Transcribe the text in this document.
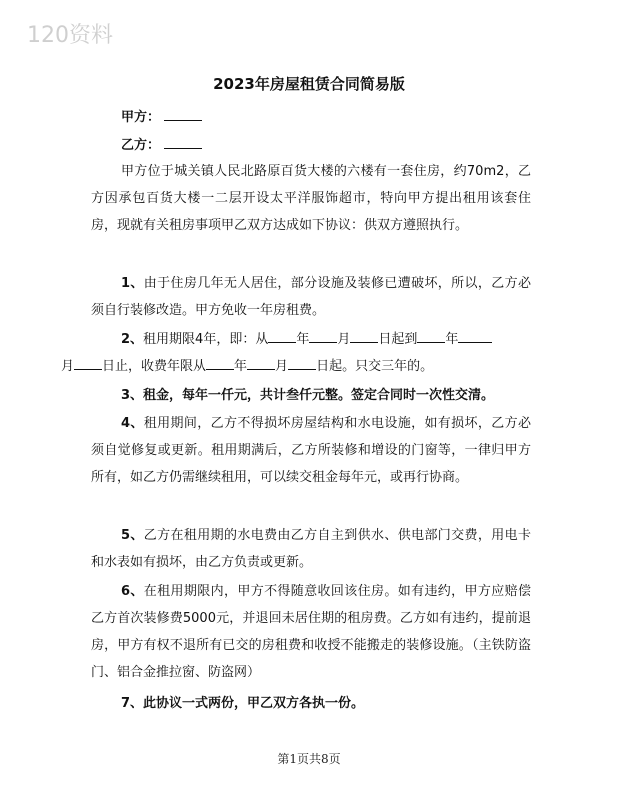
120资料
2023年房屋租赁合同简易版
甲方：
乙方：

甲方位于城关镇人民北路原百货大楼的六楼有一套住房，约70m2，乙方因承包百货大楼一二层开设太平洋服饰超市，特向甲方提出租用该套住房，现就有关租房事项甲乙双方达成如下协议：供双方遵照执行。

1、由于住房几年无人居住，部分设施及装修已遭破坏，所以，乙方必须自行装修改造。甲方免收一年房租费。

2、租用期限4年，即：从 年 月 日起到 年
月 日止，收费年限从 年 月 日起。只交三年的。

3、租金，每年一仟元，共计叁仟元整。签定合同时一次性交清。

4、租用期间，乙方不得损坏房屋结构和水电设施，如有损坏，乙方必须自觉修复或更新。租用期满后，乙方所装修和增设的门窗等，一律归甲方所有，如乙方仍需继续租用，可以续交租金每年元，或再行协商。

5、乙方在租用期的水电费由乙方自主到供水、供电部门交费，用电卡和水表如有损坏，由乙方负责或更新。

6、在租用期限内，甲方不得随意收回该住房。如有违约，甲方应赔偿乙方首次装修费5000元，并退回未居住期的租房费。乙方如有违约，提前退房，甲方有权不退所有已交的房租费和收授不能搬走的装修设施。（主铁防盗门、铝合金推拉窗、防盗网）

7、此协议一式两份，甲乙双方各执一份。

第1页共8页
